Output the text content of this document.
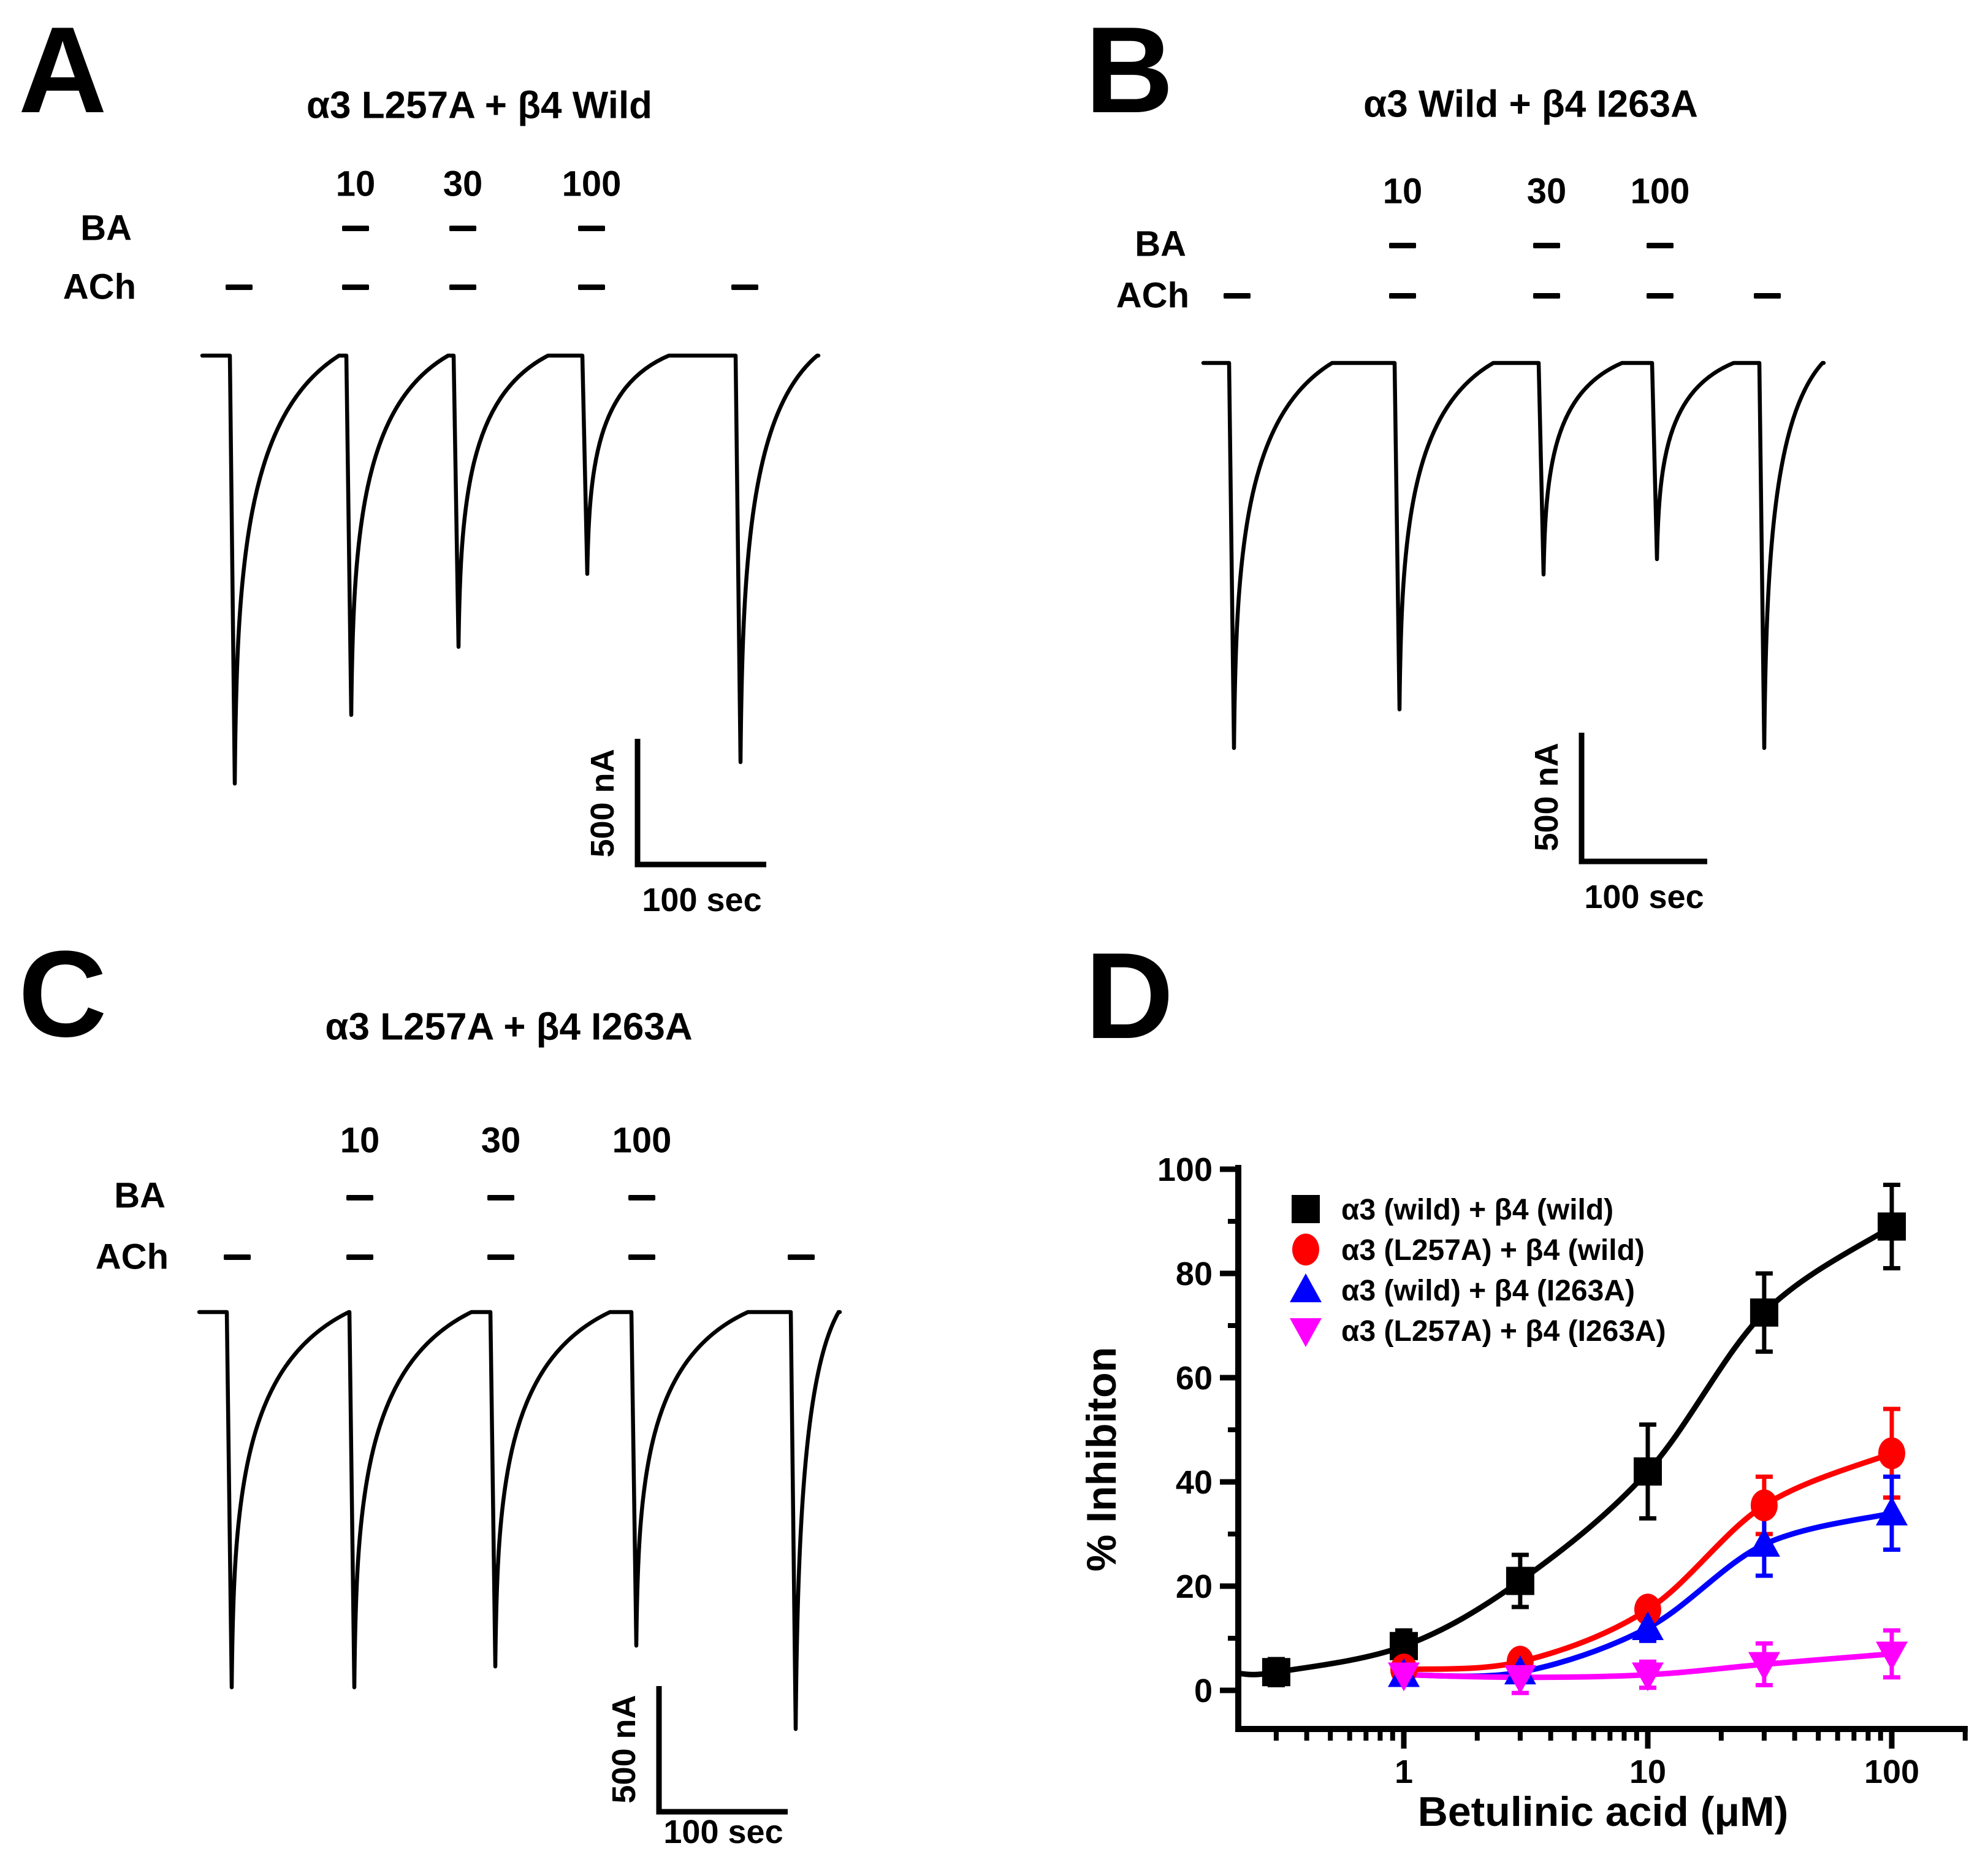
A	α3 L257A + β4 Wild
BA
ACh
10 30 100
500 nA
100 sec
B	α3 Wild + β4 I263A
BA
ACh
10	30 100
500 nA
100 sec
C	α3 L257A + β4 I263A
BA
ACh
10	30	100
500 nA
100 sec
D
0
20
40
60
80
100
1	10	100
Betulinic acid (μM)
% Inhibiton
α3 (wild) + β4 (wild)
α3 (L257A) + β4 (wild)
α3 (wild) + β4 (I263A)
α3 (L257A) + β4 (I263A)
